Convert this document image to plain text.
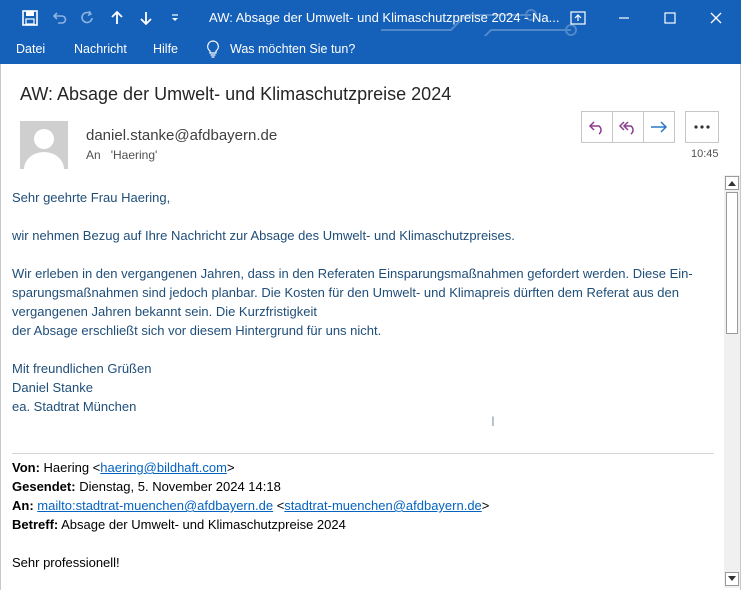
AW: Absage der Umwelt- und Klimaschutzpreise 2024 - Na...
Datei Nachricht Hilfe	Was möchten Sie tun?
AW: Absage der Umwelt- und Klimaschutzpreise 2024
daniel.stanke@afdbayern.de
An 'Haering'	10:45

Sehr geehrte Frau Haering,

wir nehmen Bezug auf Ihre Nachricht zur Absage des Umwelt- und Klimaschutzpreises.

Wir erleben in den vergangenen Jahren, dass in den Referaten Einsparungsmaßnahmen gefordert werden. Diese Ein-

sparungsmaßnahmen sind jedoch planbar. Die Kosten für den Umwelt- und Klimapreis dürften dem Referat aus den

vergangenen Jahren bekannt sein. Die Kurzfristigkeit

der Absage erschließt sich vor diesem Hintergrund für uns nicht.

Mit freundlichen Grüßen

Daniel Stanke

ea. Stadtrat München

I
Von: Haering <haering@bildhaft.com>
Gesendet: Dienstag, 5. November 2024 14:18
An: mailto:stadtrat-muenchen@afdbayern.de <stadtrat-muenchen@afdbayern.de>
Betreff: Absage der Umwelt- und Klimaschutzpreise 2024
Sehr professionell!
